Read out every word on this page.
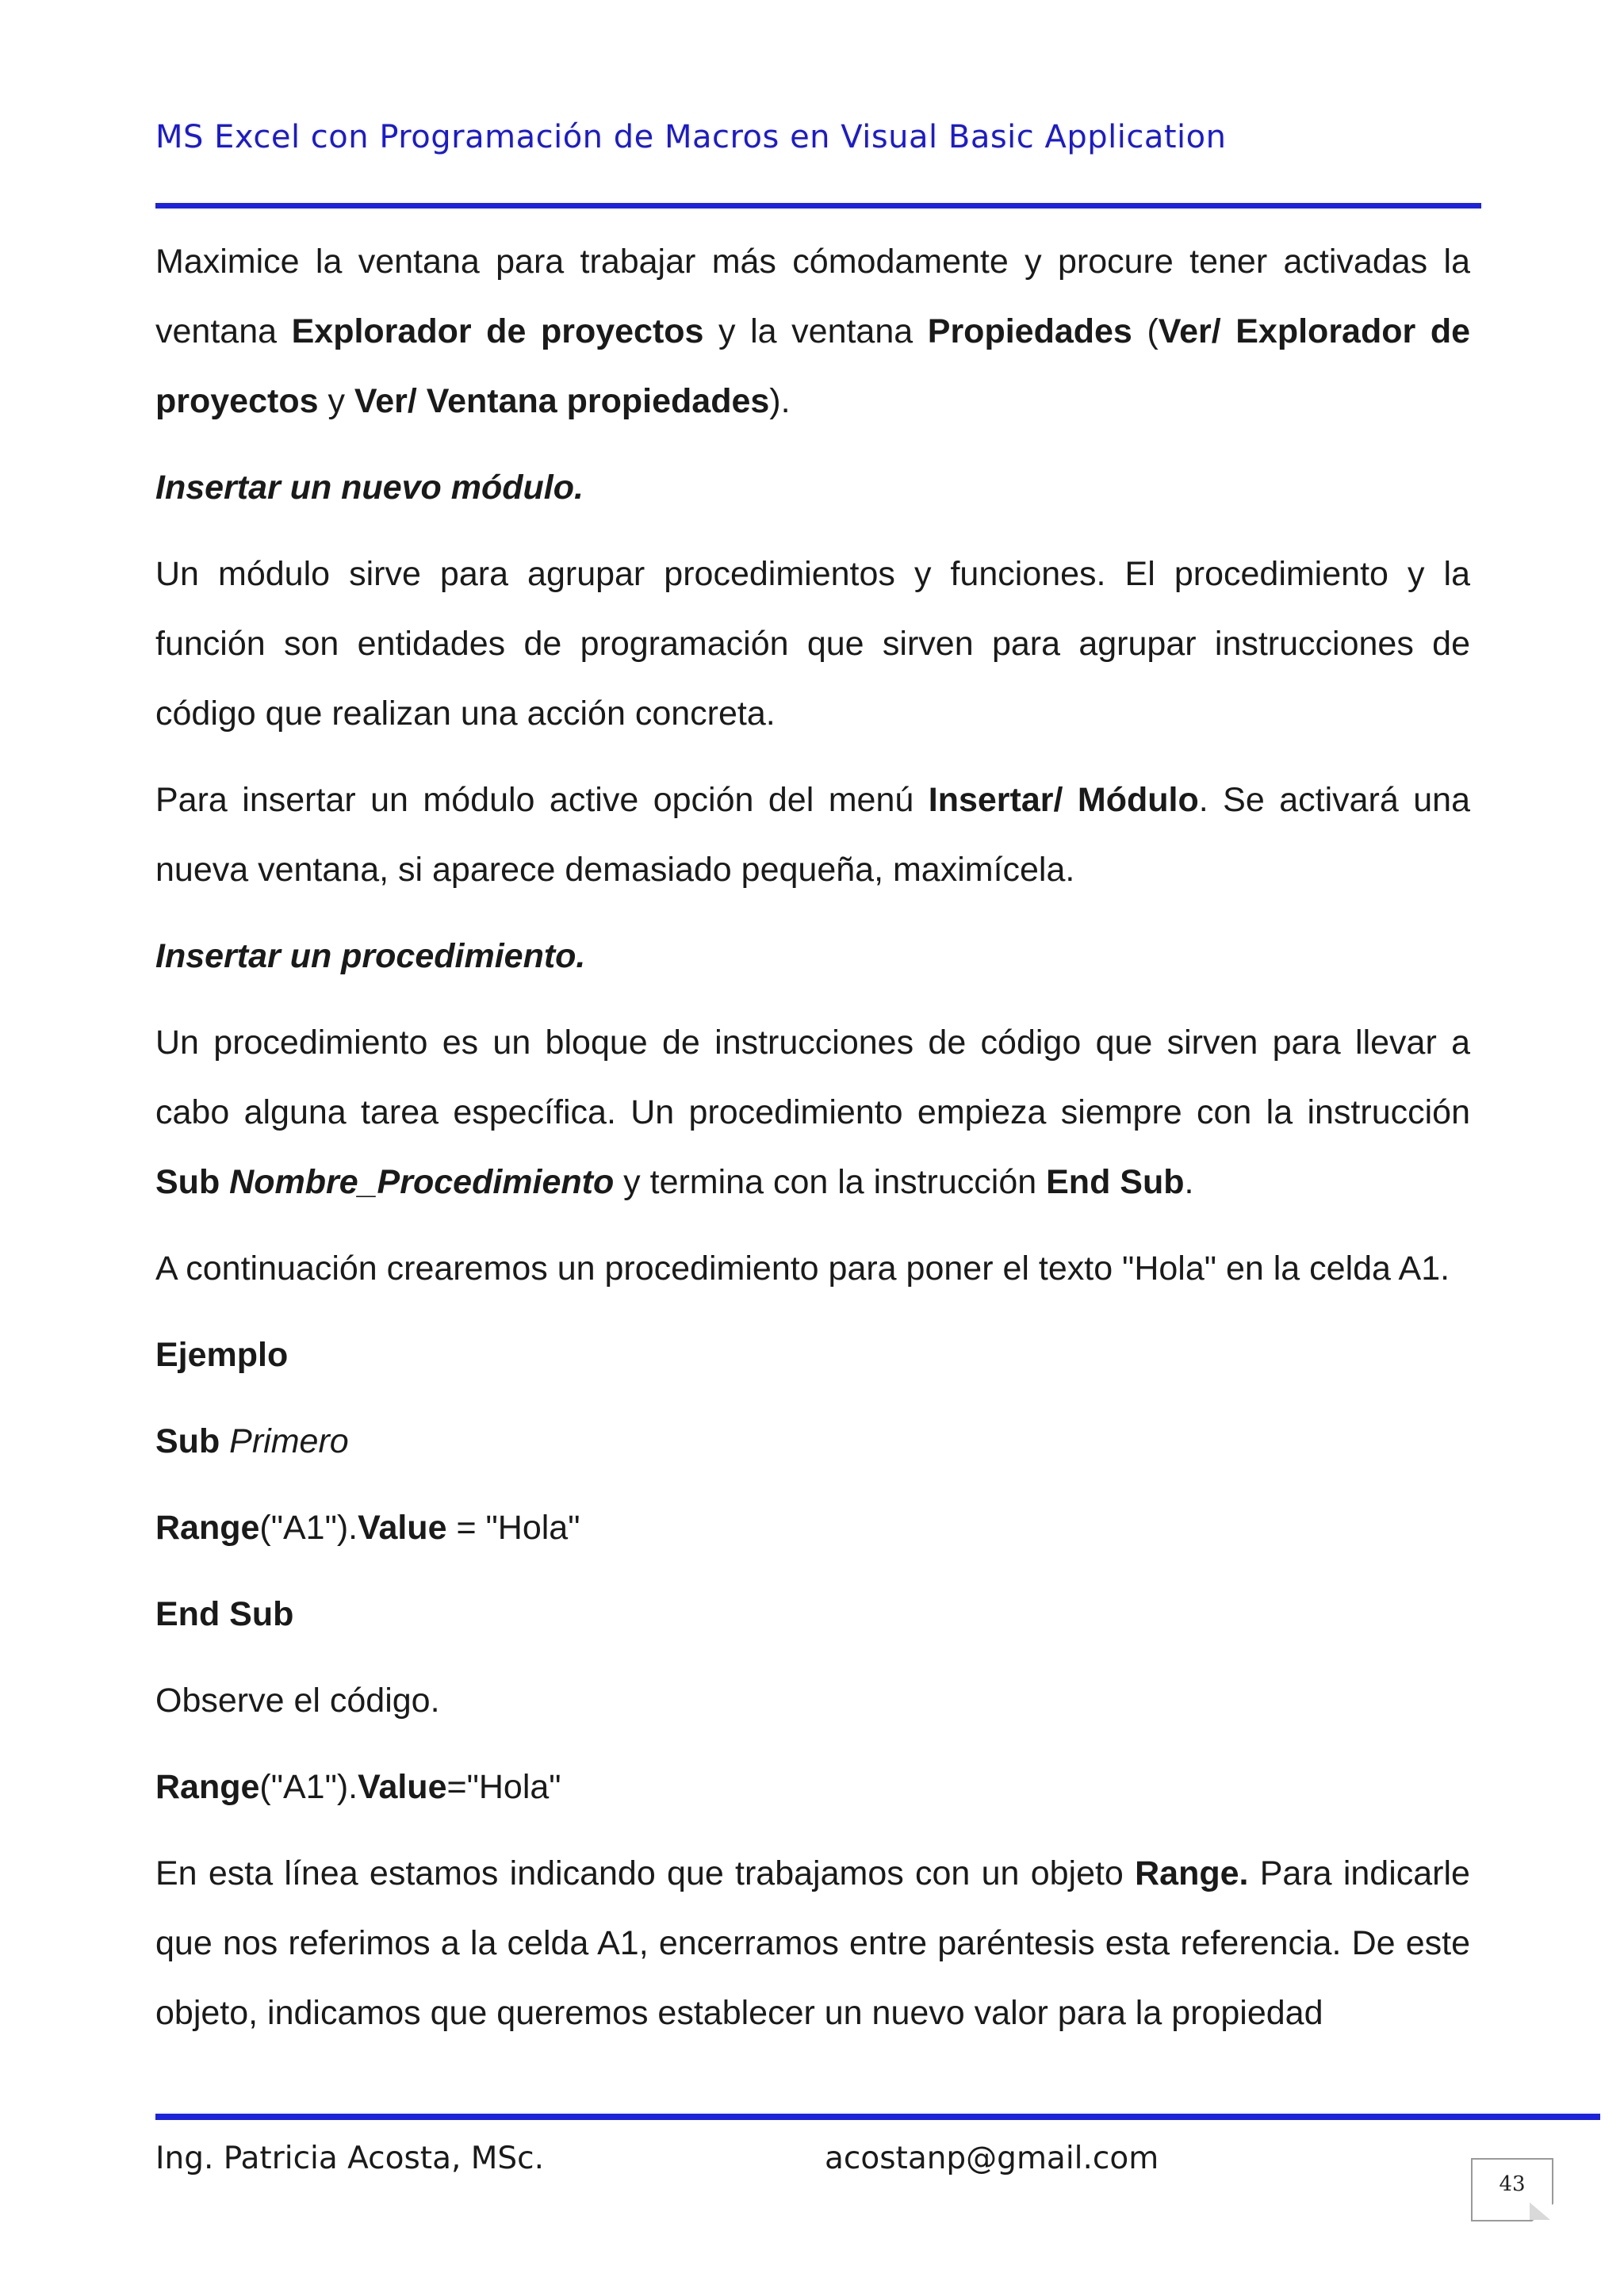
MS Excel con Programación de Macros en Visual Basic Application

Maximice la ventana para trabajar más cómodamente y procure tener activadas la ventana Explorador de proyectos y la ventana Propiedades (Ver/ Explorador de proyectos y Ver/ Ventana propiedades).

Insertar un nuevo módulo.

Un módulo sirve para agrupar procedimientos y funciones. El procedimiento y la función son entidades de programación que sirven para agrupar instrucciones de código que realizan una acción concreta.

Para insertar un módulo active opción del menú Insertar/ Módulo. Se activará una nueva ventana, si aparece demasiado pequeña, maximícela.

Insertar un procedimiento.

Un procedimiento es un bloque de instrucciones de código que sirven para llevar a cabo alguna tarea específica. Un procedimiento empieza siempre con la instrucción Sub Nombre_Procedimiento y termina con la instrucción End Sub.

A continuación crearemos un procedimiento para poner el texto "Hola" en la celda A1.

Ejemplo

Sub Primero

Range("A1").Value = "Hola"

End Sub

Observe el código.

Range("A1").Value="Hola"

En esta línea estamos indicando que trabajamos con un objeto Range. Para indicarle que nos referimos a la celda A1, encerramos entre paréntesis esta referencia. De este objeto, indicamos que queremos establecer un nuevo valor para la propiedad

Ing. Patricia Acosta, MSc.	acostanp@gmail.com
43
